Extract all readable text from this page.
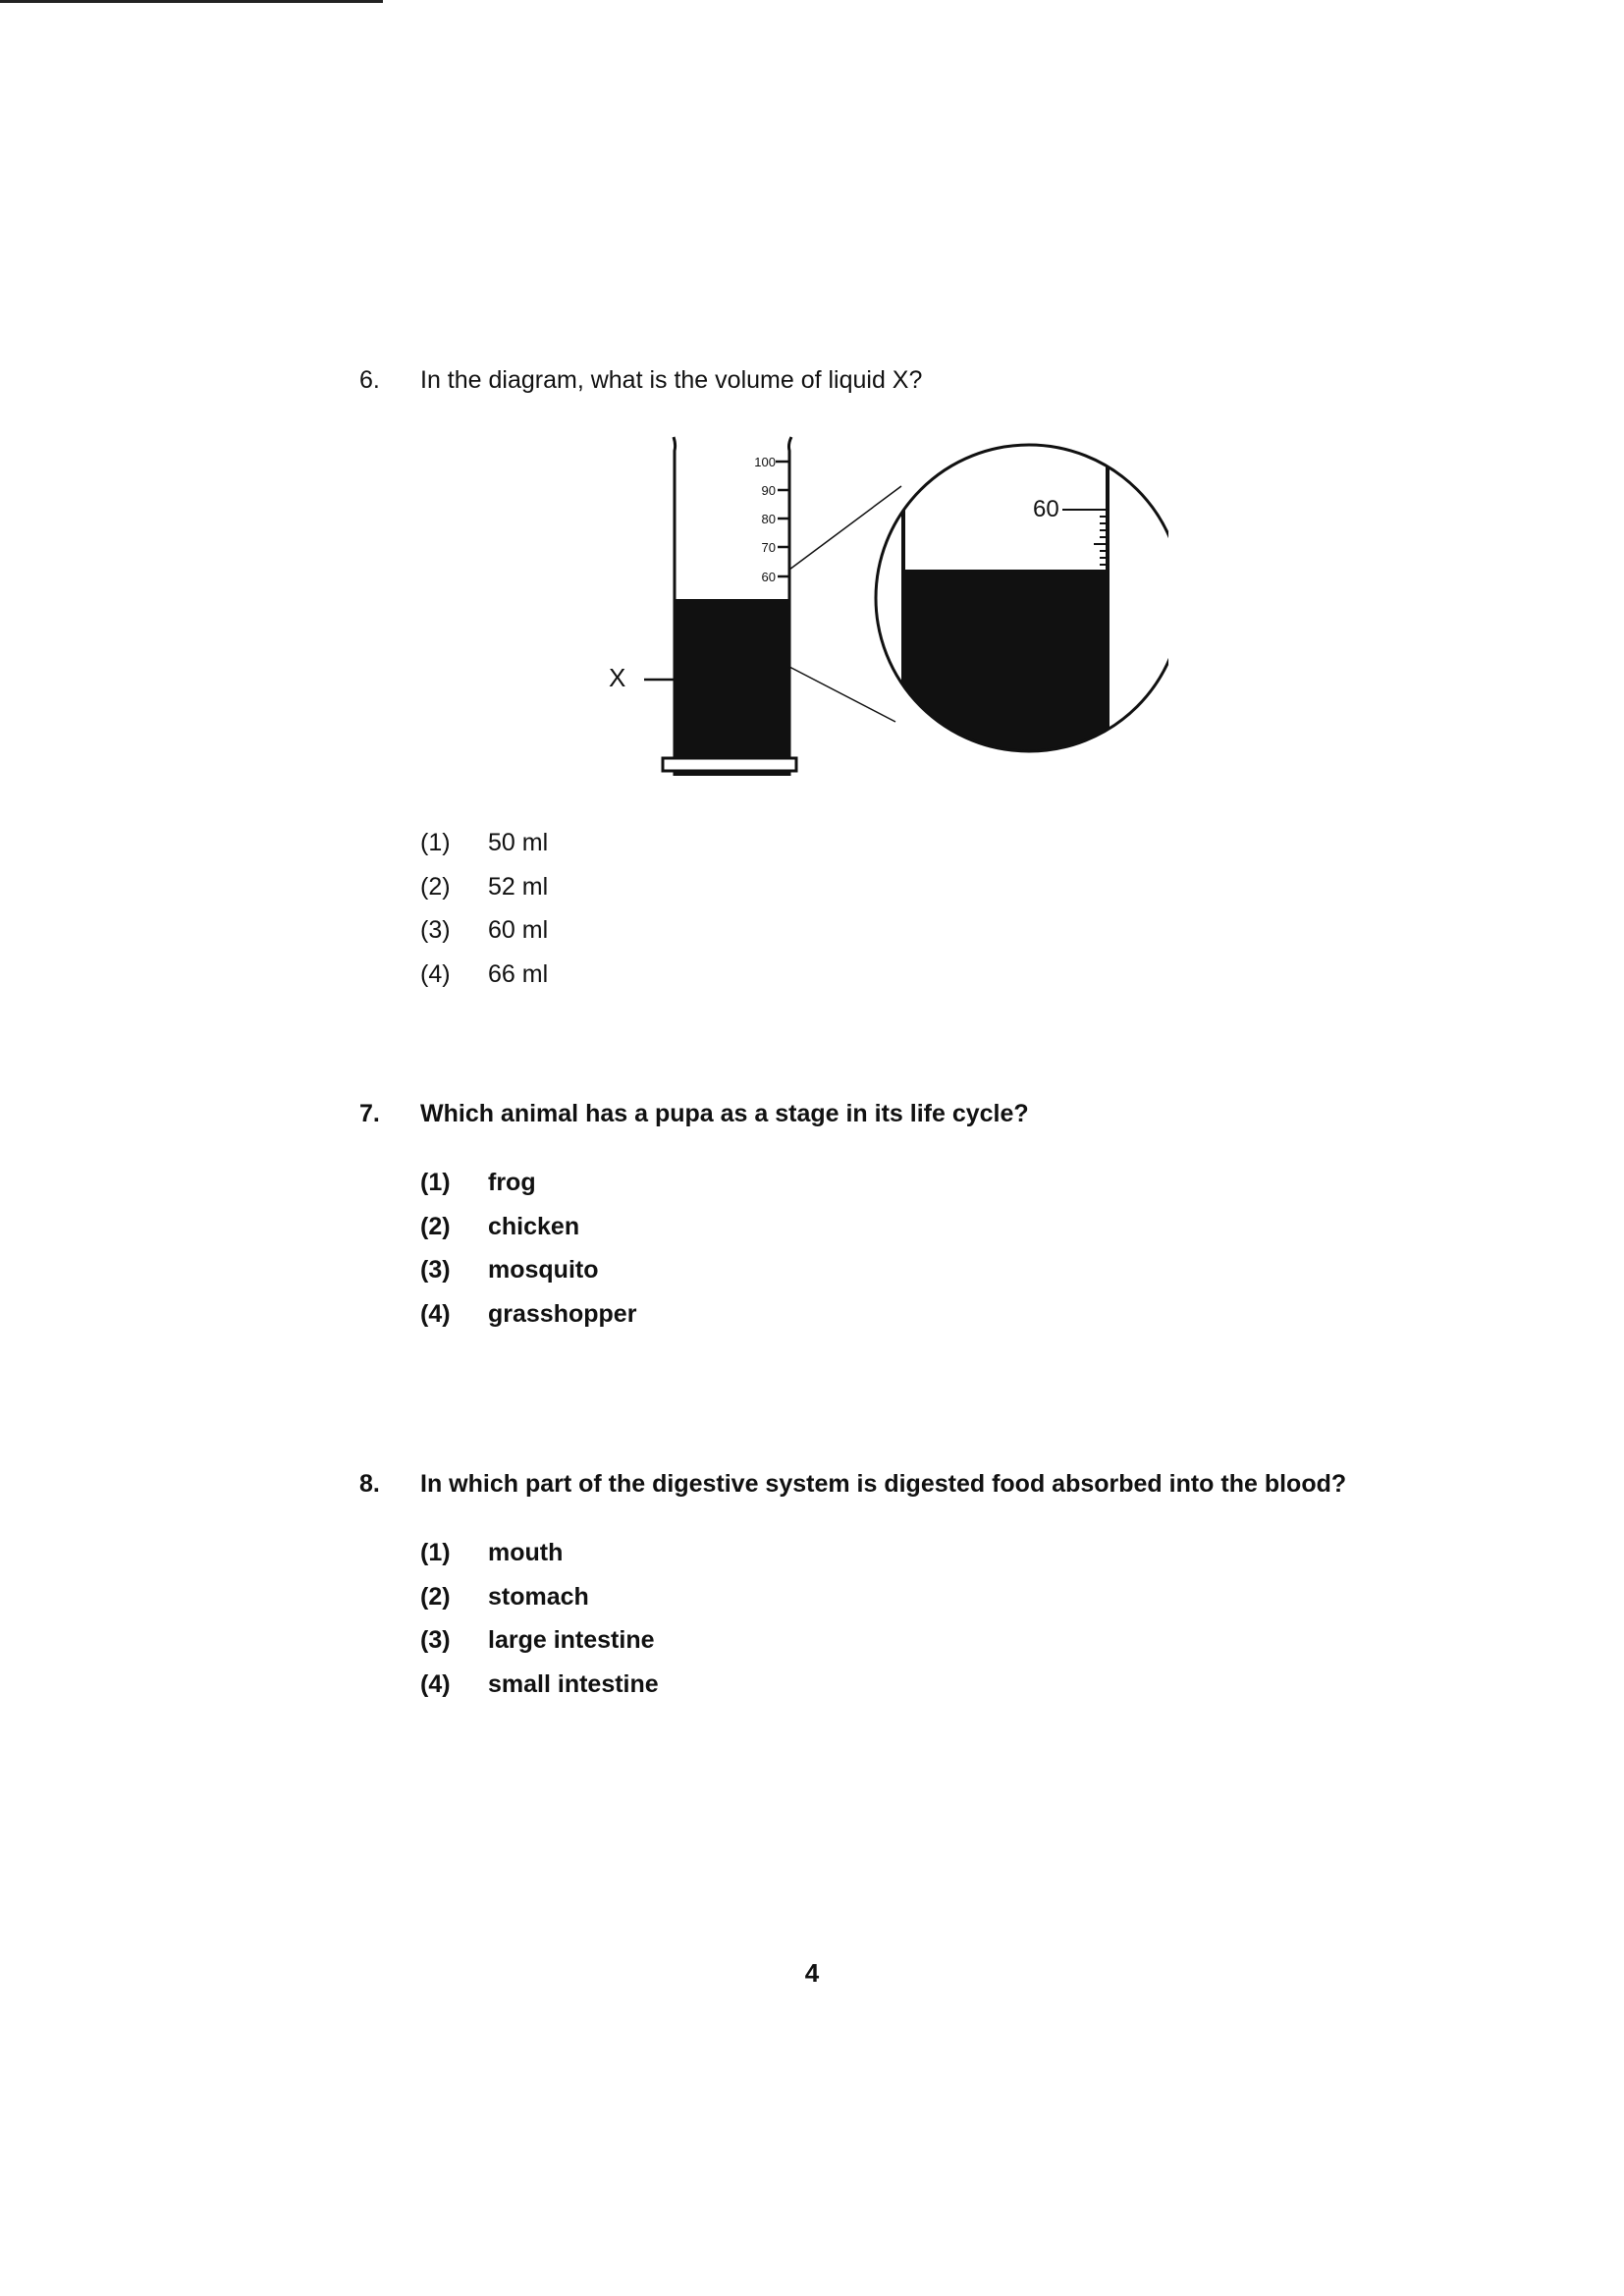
6.	In the diagram, what is the volume of liquid X?
(1)	50 ml
(2)	52 ml
(3)	60 ml
(4)	66 ml
100
90
80
70
60
X
60
7.	Which animal has a pupa as a stage in its life cycle?
(1)	frog
(2)	chicken
(3)	mosquito
(4)	grasshopper
8.	In which part of the digestive system is digested food absorbed into the blood?
(1)	mouth
(2)	stomach
(3)	large intestine
(4)	small intestine
4
